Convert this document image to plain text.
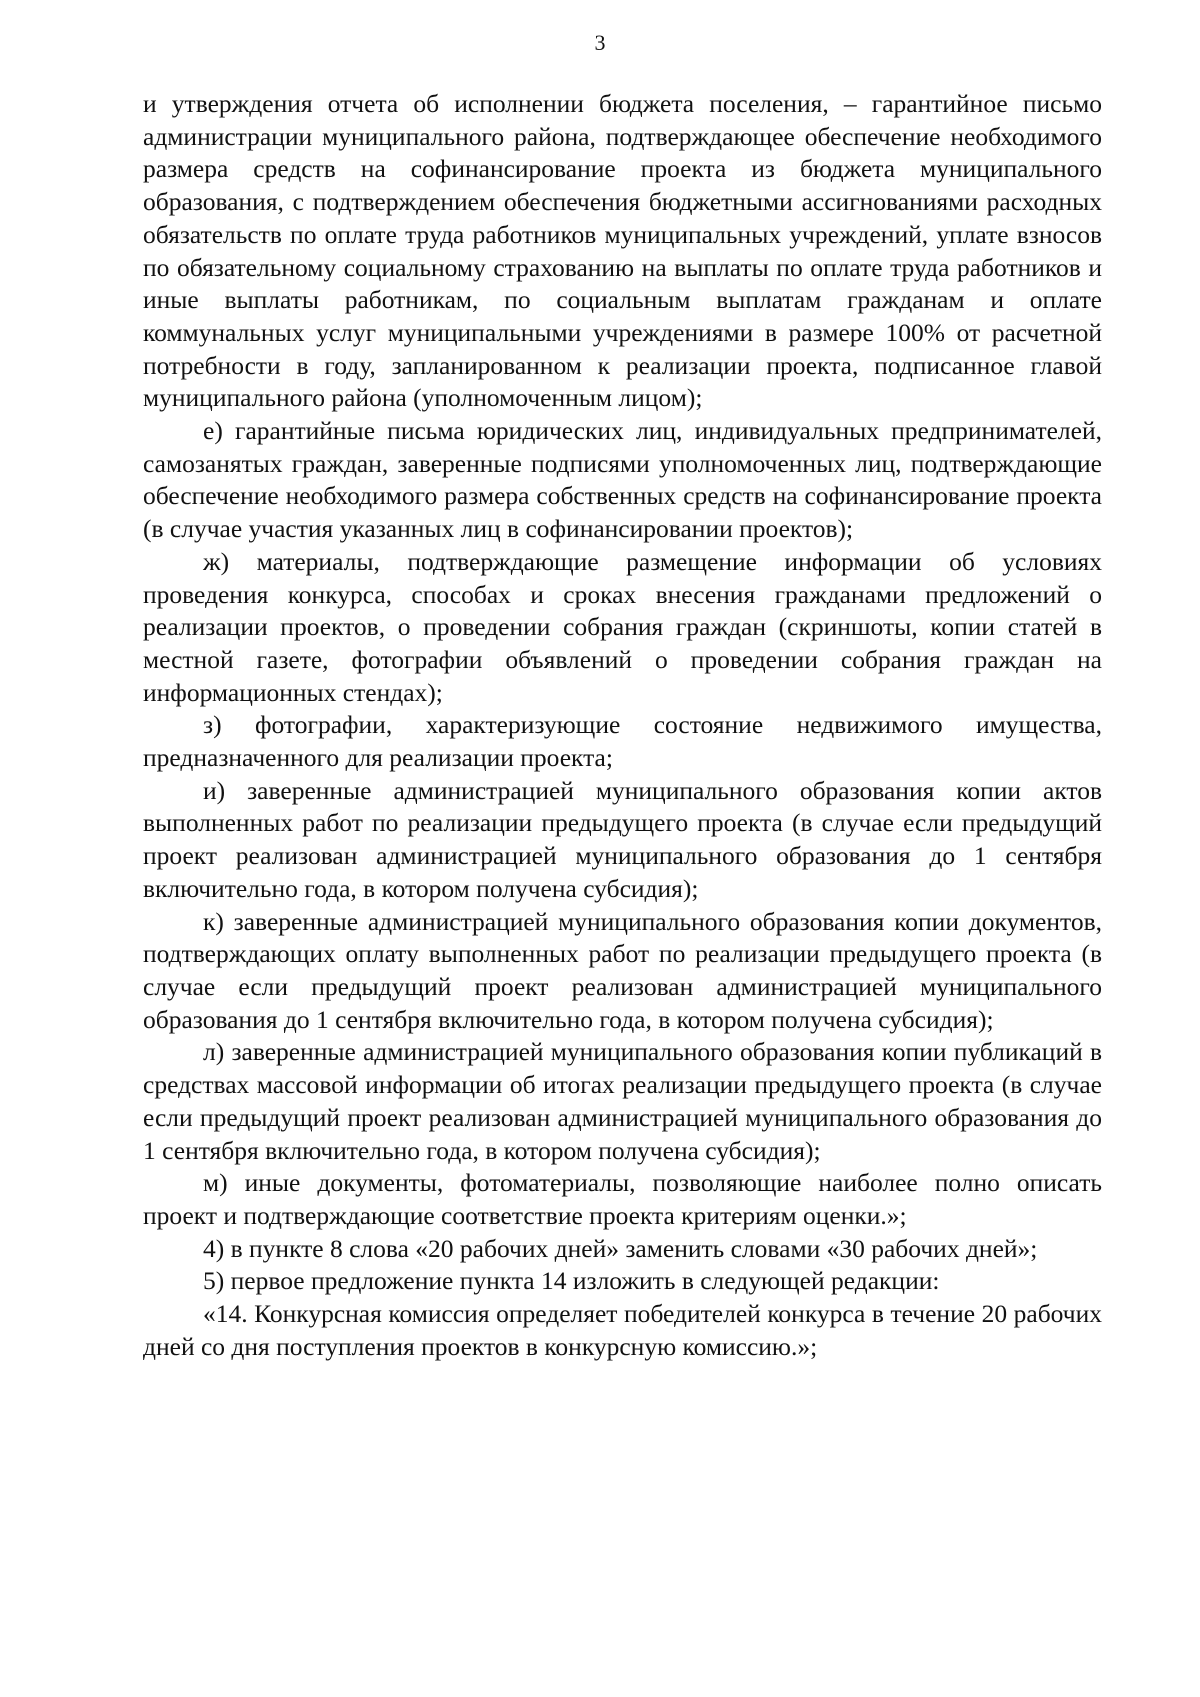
3

и утверждения отчета об исполнении бюджета поселения, – гарантийное письмо администрации муниципального района, подтверждающее обеспечение необходимого размера средств на софинансирование проекта из бюджета муниципального образования, с подтверждением обеспечения бюджетными ассигнованиями расходных обязательств по оплате труда работников муниципальных учреждений, уплате взносов по обязательному социальному страхованию на выплаты по оплате труда работников и иные выплаты работникам, по социальным выплатам гражданам и оплате коммунальных услуг муниципальными учреждениями в размере 100% от расчетной потребности в году, запланированном к реализации проекта, подписанное главой муниципального района (уполномоченным лицом);

е) гарантийные письма юридических лиц, индивидуальных предпринимателей, самозанятых граждан, заверенные подписями уполномоченных лиц, подтверждающие обеспечение необходимого размера собственных средств на софинансирование проекта (в случае участия указанных лиц в софинансировании проектов);

ж) материалы, подтверждающие размещение информации об условиях проведения конкурса, способах и сроках внесения гражданами предложений о реализации проектов, о проведении собрания граждан (скриншоты, копии статей в местной газете, фотографии объявлений о проведении собрания граждан на информационных стендах);

з) фотографии, характеризующие состояние недвижимого имущества, предназначенного для реализации проекта;

и) заверенные администрацией муниципального образования копии актов выполненных работ по реализации предыдущего проекта (в случае если предыдущий проект реализован администрацией муниципального образования до 1 сентября включительно года, в котором получена субсидия);

к) заверенные администрацией муниципального образования копии документов, подтверждающих оплату выполненных работ по реализации предыдущего проекта (в случае если предыдущий проект реализован администрацией муниципального образования до 1 сентября включительно года, в котором получена субсидия);

л) заверенные администрацией муниципального образования копии публикаций в средствах массовой информации об итогах реализации предыдущего проекта (в случае если предыдущий проект реализован администрацией муниципального образования до 1 сентября включительно года, в котором получена субсидия);

м) иные документы, фотоматериалы, позволяющие наиболее полно описать проект и подтверждающие соответствие проекта критериям оценки.»;

4) в пункте 8 слова «20 рабочих дней» заменить словами «30 рабочих дней»;

5) первое предложение пункта 14 изложить в следующей редакции:

«14. Конкурсная комиссия определяет победителей конкурса в течение 20 рабочих дней со дня поступления проектов в конкурсную комиссию.»;
